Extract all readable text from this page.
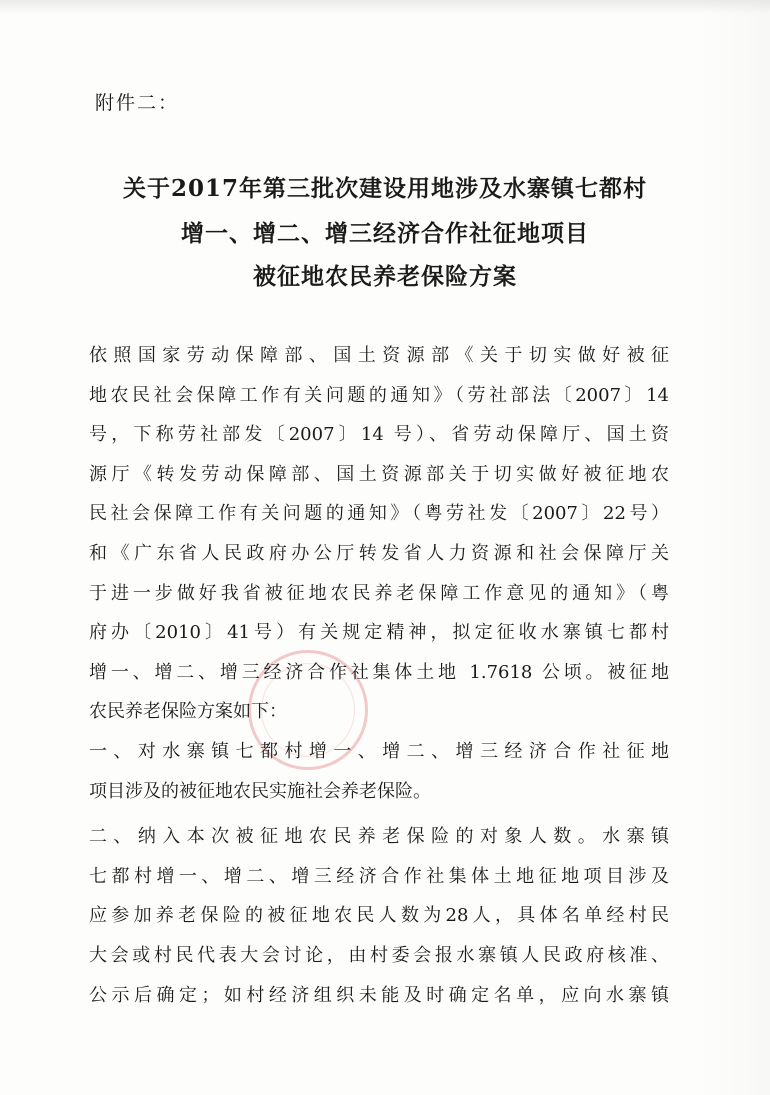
附件二：
关于2017年第三批次建设用地涉及水寨镇七都村
增一、增二、增三经济合作社征地项目
被征地农民养老保险方案
依照国家劳动保障部、国土资源部《关于切实做好被征
地农民社会保障工作有关问题的通知》（劳社部法〔2007〕14
号，下称劳社部发〔2007〕14 号）、省劳动保障厅、国土资
源厅《转发劳动保障部、国土资源部关于切实做好被征地农
民社会保障工作有关问题的通知》（粤劳社发〔2007〕22号）
和《广东省人民政府办公厅转发省人力资源和社会保障厅关
于进一步做好我省被征地农民养老保障工作意见的通知》（粤
府办〔2010〕41号）有关规定精神，拟定征收水寨镇七都村
增一、增二、增三经济合作社集体土地 1.7618 公顷。被征地
农民养老保险方案如下：
一、对水寨镇七都村增一、增二、增三经济合作社征地
项目涉及的被征地农民实施社会养老保险。
二、纳入本次被征地农民养老保险的对象人数。水寨镇
七都村增一、增二、增三经济合作社集体土地征地项目涉及
应参加养老保险的被征地农民人数为28人，具体名单经村民
大会或村民代表大会讨论，由村委会报水寨镇人民政府核准、
公示后确定；如村经济组织未能及时确定名单，应向水寨镇
